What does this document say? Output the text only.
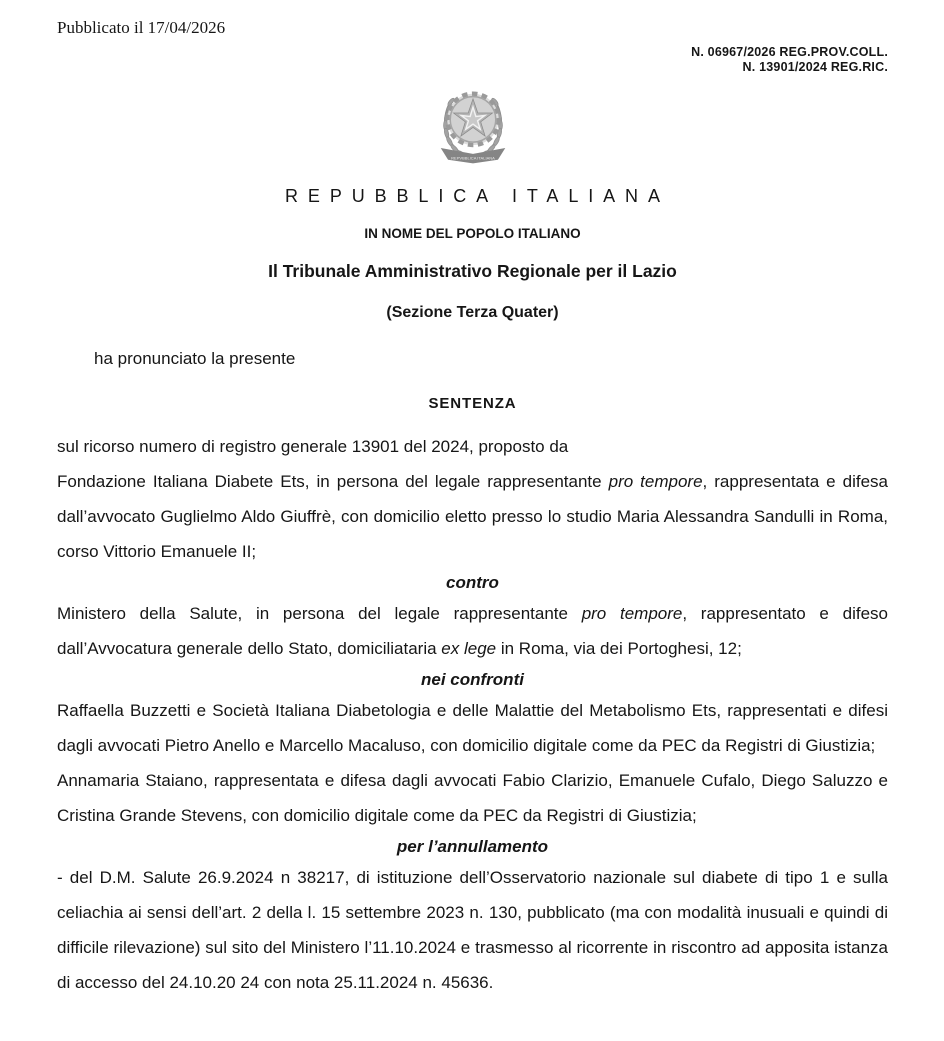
Pubblicato il 17/04/2026
N. 06967/2026 REG.PROV.COLL.
N. 13901/2024 REG.RIC.
REPVBBLICA ITALIANA
REPUBBLICA ITALIANA
IN NOME DEL POPOLO ITALIANO
Il Tribunale Amministrativo Regionale per il Lazio
(Sezione Terza Quater)

ha pronunciato la presente

SENTENZA

sul ricorso numero di registro generale 13901 del 2024, proposto da

Fondazione Italiana Diabete Ets, in persona del legale rappresentante pro tempore, rappresentata e difesa dall’avvocato Guglielmo Aldo Giuffrè, con domicilio eletto presso lo studio Maria Alessandra Sandulli in Roma, corso Vittorio Emanuele II;

contro

Ministero della Salute, in persona del legale rappresentante pro tempore, rappresentato e difeso dall’Avvocatura generale dello Stato, domiciliataria ex lege in Roma, via dei Portoghesi, 12;

nei confronti

Raffaella Buzzetti e Società Italiana Diabetologia e delle Malattie del Metabolismo Ets, rappresentati e difesi dagli avvocati Pietro Anello e Marcello Macaluso, con domicilio digitale come da PEC da Registri di Giustizia;

Annamaria Staiano, rappresentata e difesa dagli avvocati Fabio Clarizio, Emanuele Cufalo, Diego Saluzzo e Cristina Grande Stevens, con domicilio digitale come da PEC da Registri di Giustizia;

per l’annullamento

- del D.M. Salute 26.9.2024 n 38217, di istituzione dell’Osservatorio nazionale sul diabete di tipo 1 e sulla celiachia ai sensi dell’art. 2 della l. 15 settembre 2023 n. 130, pubblicato (ma con modalità inusuali e quindi di difficile rilevazione) sul sito del Ministero l’11.10.2024 e trasmesso al ricorrente in riscontro ad apposita istanza di accesso del 24.10.20 24 con nota 25.11.2024 n. 45636.
